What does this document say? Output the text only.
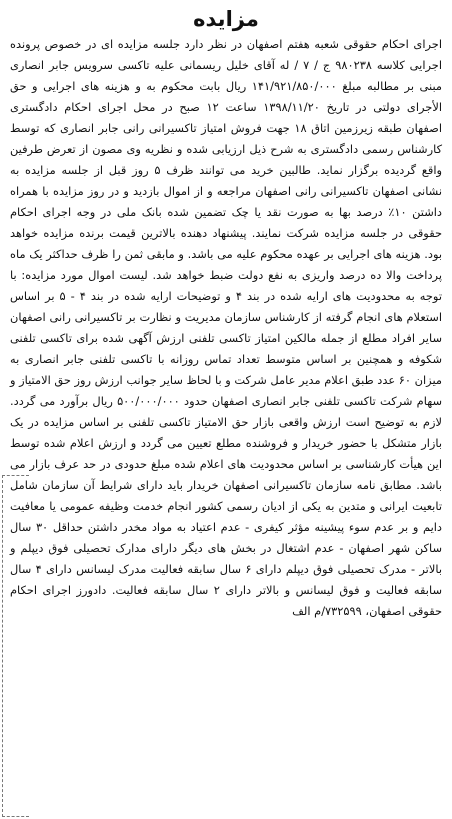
مزایده

اجرای احکام حقوقی شعبه هفتم اصفهان در نظر دارد جلسه مزایده ای در خصوص پرونده اجرایی کلاسه ۹۸۰۲۳۸ ج / ۷ / له آقای خلیل ریسمانی علیه تاکسی سرویس جابر انصاری مبنی بر مطالبه مبلغ ۱۴۱/۹۲۱/۸۵۰/۰۰۰ ریال بابت محکوم به و هزینه های اجرایی و حق الأجرای دولتی در تاریخ ۱۳۹۸/۱۱/۲۰ ساعت ۱۲ صبح در محل اجرای احکام دادگستری اصفهان طبقه زیرزمین اتاق ۱۸ جهت فروش امتیاز تاکسیرانی رانی جابر انصاری که توسط کارشناس رسمی دادگستری به شرح ذیل ارزیابی شده و نظریه وی مصون از تعرض طرفین واقع گردیده برگزار نماید. طالبین خرید می توانند ظرف ۵ روز قبل از جلسه مزایده به نشانی اصفهان تاکسیرانی رانی اصفهان مراجعه و از اموال بازدید و در روز مزایده با همراه داشتن ۱۰٪ درصد بها به صورت نقد یا چک تضمین شده بانک ملی در وجه اجرای احکام حقوقی در جلسه مزایده شرکت نمایند. پیشنهاد دهنده بالاترین قیمت برنده مزایده خواهد بود. هزینه های اجرایی بر عهده محکوم علیه می باشد. و مابقی ثمن را ظرف حداکثر یک ماه پرداخت والا ده درصد واریزی به نفع دولت ضبط خواهد شد. لیست اموال مورد مزایده: با توجه به محدودیت های ارایه شده در بند ۴ و توضیحات ارایه شده در بند ۴ - ۵ بر اساس استعلام های انجام گرفته از کارشناس سازمان مدیریت و نظارت بر تاکسیرانی رانی اصفهان سایر افراد مطلع از جمله مالکین امتیاز تاکسی تلفنی ارزش آگهی شده برای تاکسی تلفنی شکوفه و همچنین بر اساس متوسط تعداد تماس روزانه با تاکسی تلفنی جابر انصاری به میزان ۶۰ عدد طبق اعلام مدیر عامل شرکت و با لحاظ سایر جوانب ارزش روز حق الامتیاز و سهام شرکت تاکسی تلفنی جابر انصاری اصفهان حدود ۵۰۰/۰۰۰/۰۰۰ ریال برآورد می گردد. لازم به توضیح است ارزش واقعی بازار حق الامتیاز تاکسی تلفنی بر اساس مزایده در یک بازار متشکل با حضور خریدار و فروشنده مطلع تعیین می گردد و ارزش اعلام شده توسط این هیأت کارشناسی بر اساس محدودیت های اعلام شده مبلغ حدودی در حد عرف بازار می باشد. مطابق نامه سازمان تاکسیرانی اصفهان خریدار باید دارای شرایط آن سازمان شامل تابعیت ایرانی و متدین به یکی از ادیان رسمی کشور انجام خدمت وظیفه عمومی یا معافیت دایم و بر عدم سوء پیشینه مؤثر کیفری - عدم اعتیاد به مواد مخدر داشتن حداقل ۳۰ سال ساکن شهر اصفهان - عدم اشتغال در بخش های دیگر دارای مدارک تحصیلی فوق دیپلم و بالاتر - مدرک تحصیلی فوق دیپلم دارای ۶ سال سابقه فعالیت مدرک لیسانس دارای ۴ سال سابقه فعالیت و فوق لیسانس و بالاتر دارای ۲ سال سابقه فعالیت. دادورز اجرای احکام حقوقی اصفهان، ۷۳۲۵۹۹/م الف
